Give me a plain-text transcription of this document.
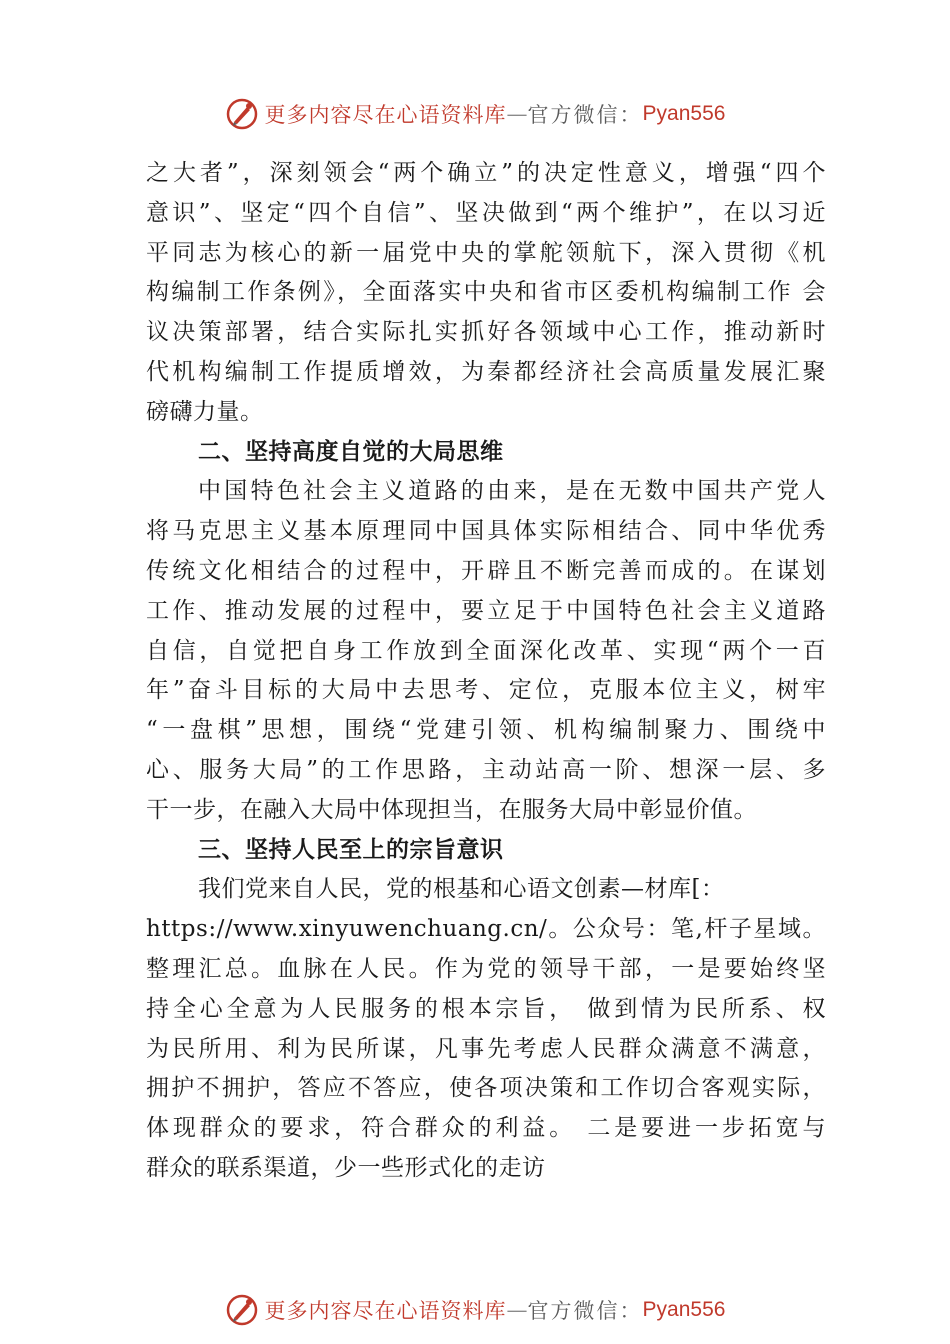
更多内容尽在心语资料库 — 官方微信： Pyan556
之大者”，深刻领会“两个确立”的决定性意义，增强“四个
意识”、坚定“四个自信”、坚决做到“两个维护”，在以习近
平同志为核心的新一届党中央的掌舵领航下，深入贯彻《机
构编制工作条例》，全面落实中央和省市区委机构编制工作 会
议决策部署，结合实际扎实抓好各领域中心工作，推动新时
代机构编制工作提质增效，为秦都经济社会高质量发展汇聚
磅礴力量。
二、坚持高度自觉的大局思维
中国特色社会主义道路的由来，是在无数中国共产党人
将马克思主义基本原理同中国具体实际相结合、同中华优秀
传统文化相结合的过程中，开辟且不断完善而成的。在谋划
工作、推动发展的过程中，要立足于中国特色社会主义道路
自信，自觉把自身工作放到全面深化改革、实现“两个一百
年”奋斗目标的大局中去思考、定位，克服本位主义，树牢
“一盘棋”思想，围绕“党建引领、机构编制聚力、围绕中
心、服务大局”的工作思路，主动站高一阶、想深一层、多
干一步，在融入大局中体现担当，在服务大局中彰显价值。
三、坚持人民至上的宗旨意识
我们党来自人民，党的根基和心语文创素—材库[：
https://www.xinyuwenchuang.cn/。公众号：笔,杆子星域。
整理汇总。血脉在人民。作为党的领导干部，一是要始终坚
持全心全意为人民服务的根本宗旨， 做到情为民所系、权
为民所用、利为民所谋，凡事先考虑人民群众满意不满意，
拥护不拥护，答应不答应，使各项决策和工作切合客观实际，
体现群众的要求，符合群众的利益。 二是要进一步拓宽与
群众的联系渠道，少一些形式化的走访
更多内容尽在心语资料库 — 官方微信： Pyan556
